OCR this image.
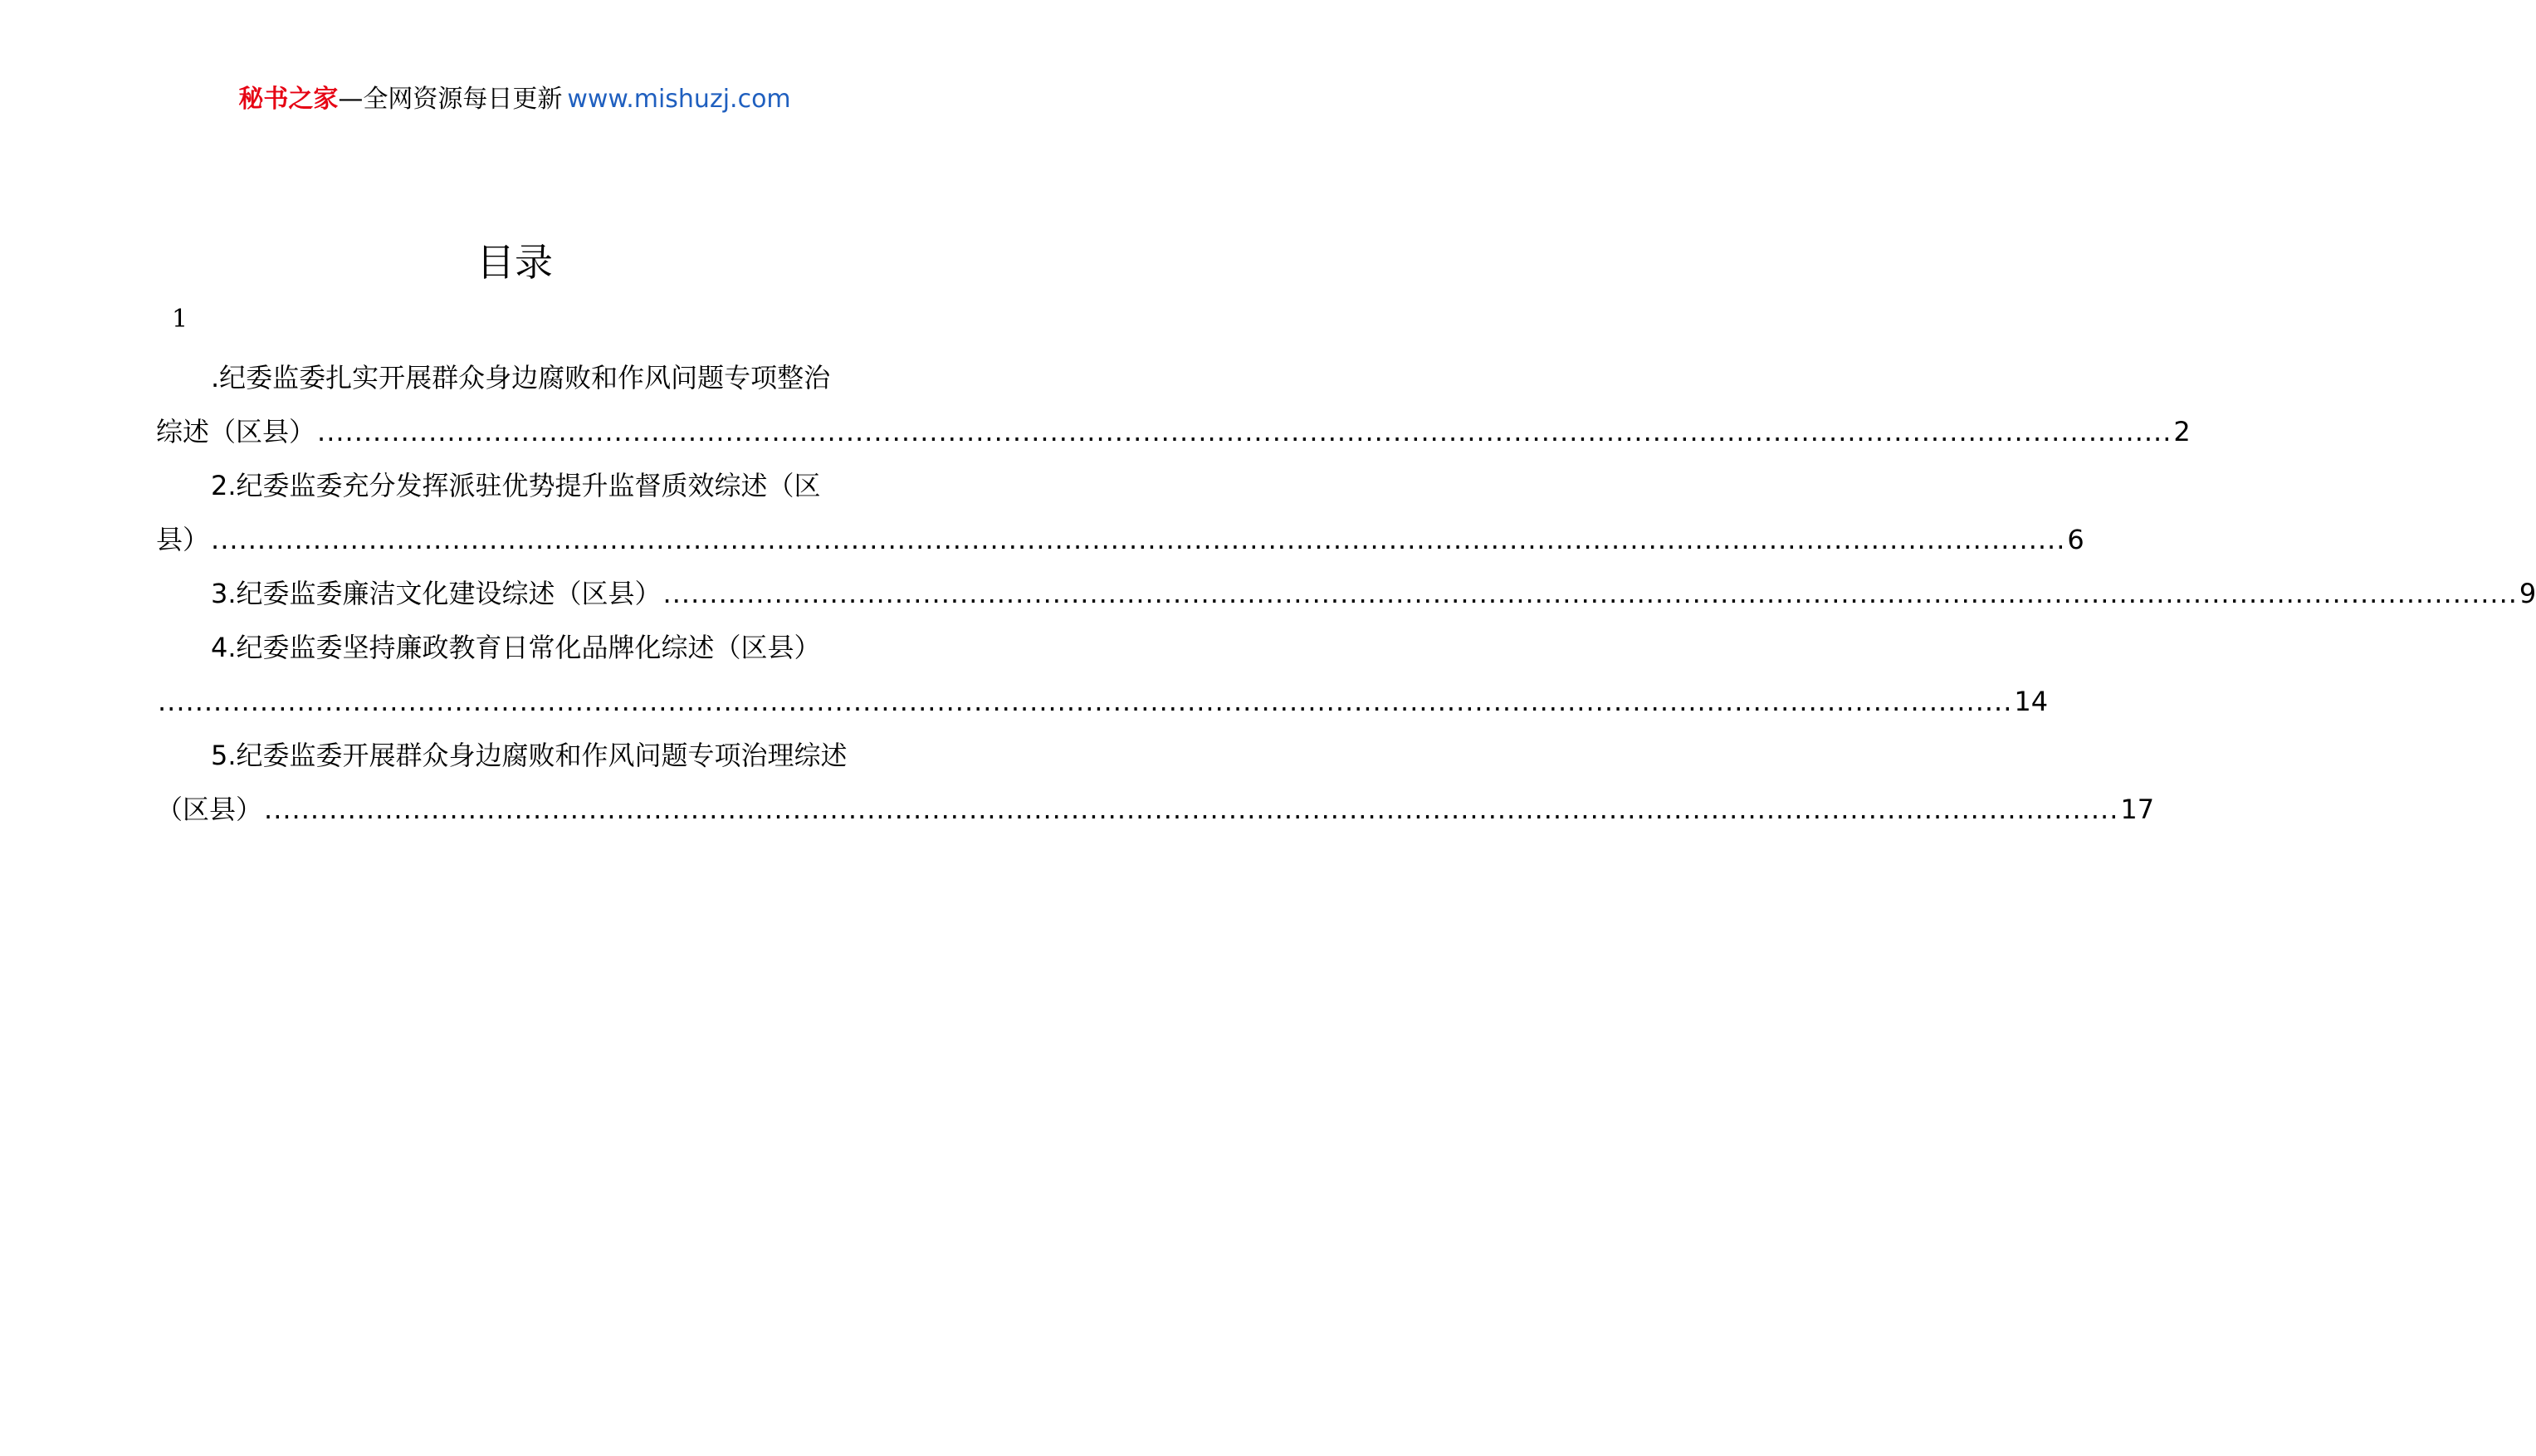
秘书之家—全网资源每日更新 www.mishuzj.com
目录
1
.纪委监委扎实开展群众身边腐败和作风问题专项整治
综述（区县） ........................................................................................................................................................................................................ 2
2.纪委监委充分发挥派驻优势提升监督质效综述（区
县） ........................................................................................................................................................................................................ 6
3.纪委监委廉洁文化建设综述（区县） ........................................................................................................................................................................................................ 9
4.纪委监委坚持廉政教育日常化品牌化综述（区县）
........................................................................................................................................................................................................ 14
5.纪委监委开展群众身边腐败和作风问题专项治理综述
（区县） ........................................................................................................................................................................................................ 17
